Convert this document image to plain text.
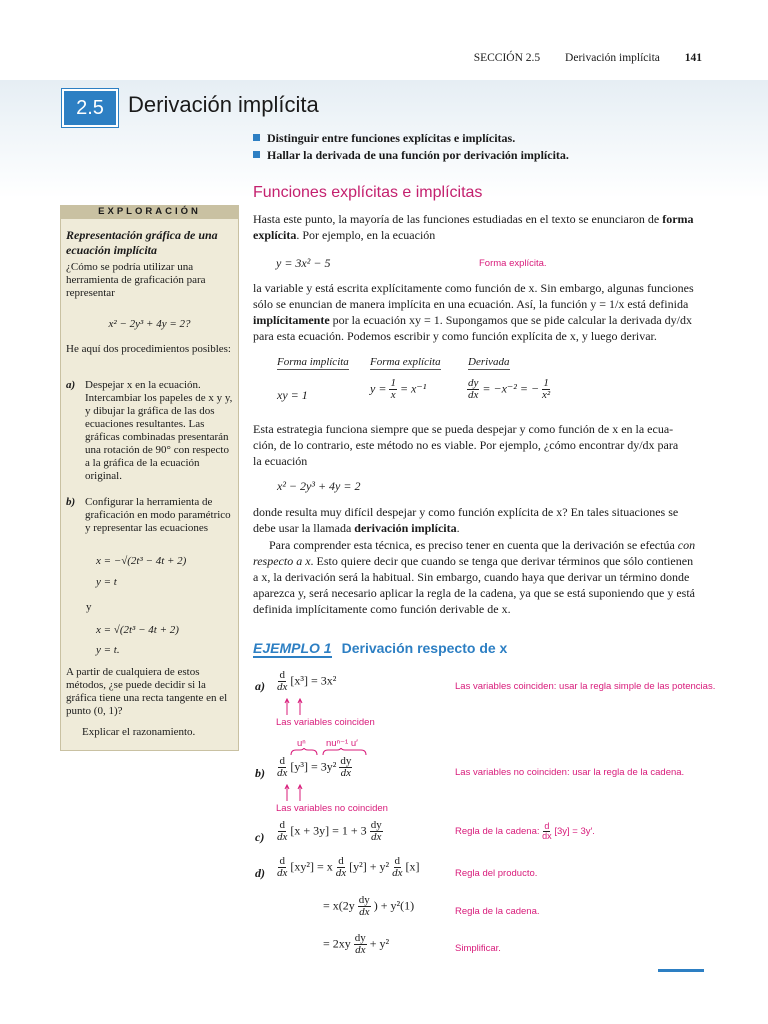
SECCIÓN 2.5 Derivación implícita 141
2.5	Derivación implícita
Distinguir entre funciones explícitas e implícitas.
Hallar la derivada de una función por derivación implícita.
EXPLORACIÓN
Representación gráfica de una ecuación implícita
¿Cómo se podría utilizar una herramienta de graficación para representar
x² − 2y³ + 4y = 2?
He aquí dos procedimientos posibles:
a) Despejar x en la ecuación. Intercambiar los papeles de x y y, y dibujar la gráfica de las dos ecuaciones resultantes. Las gráficas combinadas presentarán una rotación de 90° con respecto a la gráfica de la ecuación original.
b) Configurar la herramienta de graficación en modo paramétrico y representar las ecuaciones
x = −√(2t³ − 4t + 2)
y = t
y
x = √(2t³ − 4t + 2)
y = t.
A partir de cualquiera de estos métodos, ¿se puede decidir si la gráfica tiene una recta tangente en el punto (0, 1)?
Explicar el razonamiento.
Funciones explícitas e implícitas
Hasta este punto, la mayoría de las funciones estudiadas en el texto se enunciaron de forma
explícita. Por ejemplo, en la ecuación
y = 3x² − 5	Forma explícita.
la variable y está escrita explícitamente como función de x. Sin embargo, algunas funciones
sólo se enuncian de manera implícita en una ecuación. Así, la función y = 1/x está definida
implícitamente por la ecuación xy = 1. Supongamos que se pide calcular la derivada dy/dx
para esta ecuación. Podemos escribir y como función explícita de x, y luego derivar.
Forma implícita Forma explícita Derivada
xy = 1	$y = \frac{1}{x} = x^{-1}$	$\frac{dy}{dx} = -x^{-2}$ = − $\frac{1}{\text{x²}}$
Esta estrategia funciona siempre que se pueda despejar y como función de x en la ecua-
ción, de lo contrario, este método no es viable. Por ejemplo, ¿cómo encontrar dy/dx para
la ecuación
x² − 2y³ + 4y = 2
donde resulta muy difícil despejar y como función explícita de x? En tales situaciones se
debe usar la llamada derivación implícita.
Para comprender esta técnica, es preciso tener en cuenta que la derivación se efectúa con
respecto a x. Esto quiere decir que cuando se tenga que derivar términos que sólo contienen
a x, la derivación será la habitual. Sin embargo, cuando haya que derivar un término donde
aparezca y, será necesario aplicar la regla de la cadena, ya que se está suponiendo que y está
definida implícitamente como función derivable de x.
EJEMPLO 1 Derivación respecto de x
$a) \frac{d}{dx} [x^3] = 3x^2$	Las variables coinciden: usar la regla simple de las potencias.
Las variables coinciden
uⁿ nuⁿ⁻¹ u′
$b) \frac{d}{dx} [y^3] = 3y^2 \frac{dy}{dx}$	Las variables no coinciden: usar la regla de la cadena.
Las variables no coinciden
$c) \frac{d}{dx} [x + 3y] = 1 + 3 \frac{dy}{dx}$	Regla de la cadena: $\frac{d}{dx} [3y] = 3y'$.
$d) \frac{d}{dx} [xy^2] = x \frac{d}{dx} [y^2] + y^2 \frac{d}{dx} [x]$
Regla del producto.
= $x(2y \frac{dy}{dx}$ ) + y²(1)	Regla de la cadena.
= $2xy \frac{dy}{dx} + y^2$	Simplificar.
